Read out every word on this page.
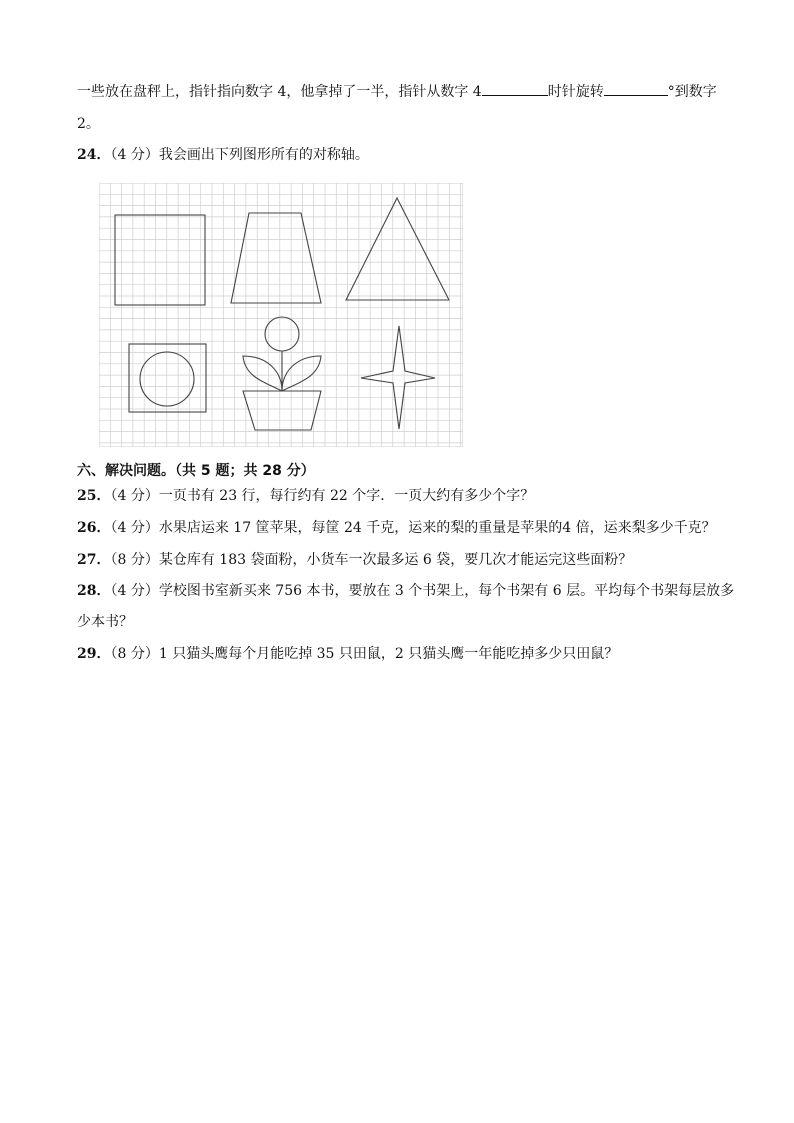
一些放在盘秤上，指针指向数字 4，他拿掉了一半，指针从数字 4	时针旋转	°到数字
2。
24．（4 分）我会画出下列图形所有的对称轴。
六、解决问题。（共 5 题；共 28 分）
25．（4 分）一页书有 23 行，每行约有 22 个字．一页大约有多少个字？
26．（4 分）水果店运来 17 筐苹果，每筐 24 千克，运来的梨的重量是苹果的4 倍，运来梨多少千克？
27．（8 分）某仓库有 183 袋面粉，小货车一次最多运 6 袋，要几次才能运完这些面粉？
28．（4 分）学校图书室新买来 756 本书，要放在 3 个书架上，每个书架有 6 层。平均每个书架每层放多
少本书？
29．（8 分）1 只猫头鹰每个月能吃掉 35 只田鼠，2 只猫头鹰一年能吃掉多少只田鼠？
